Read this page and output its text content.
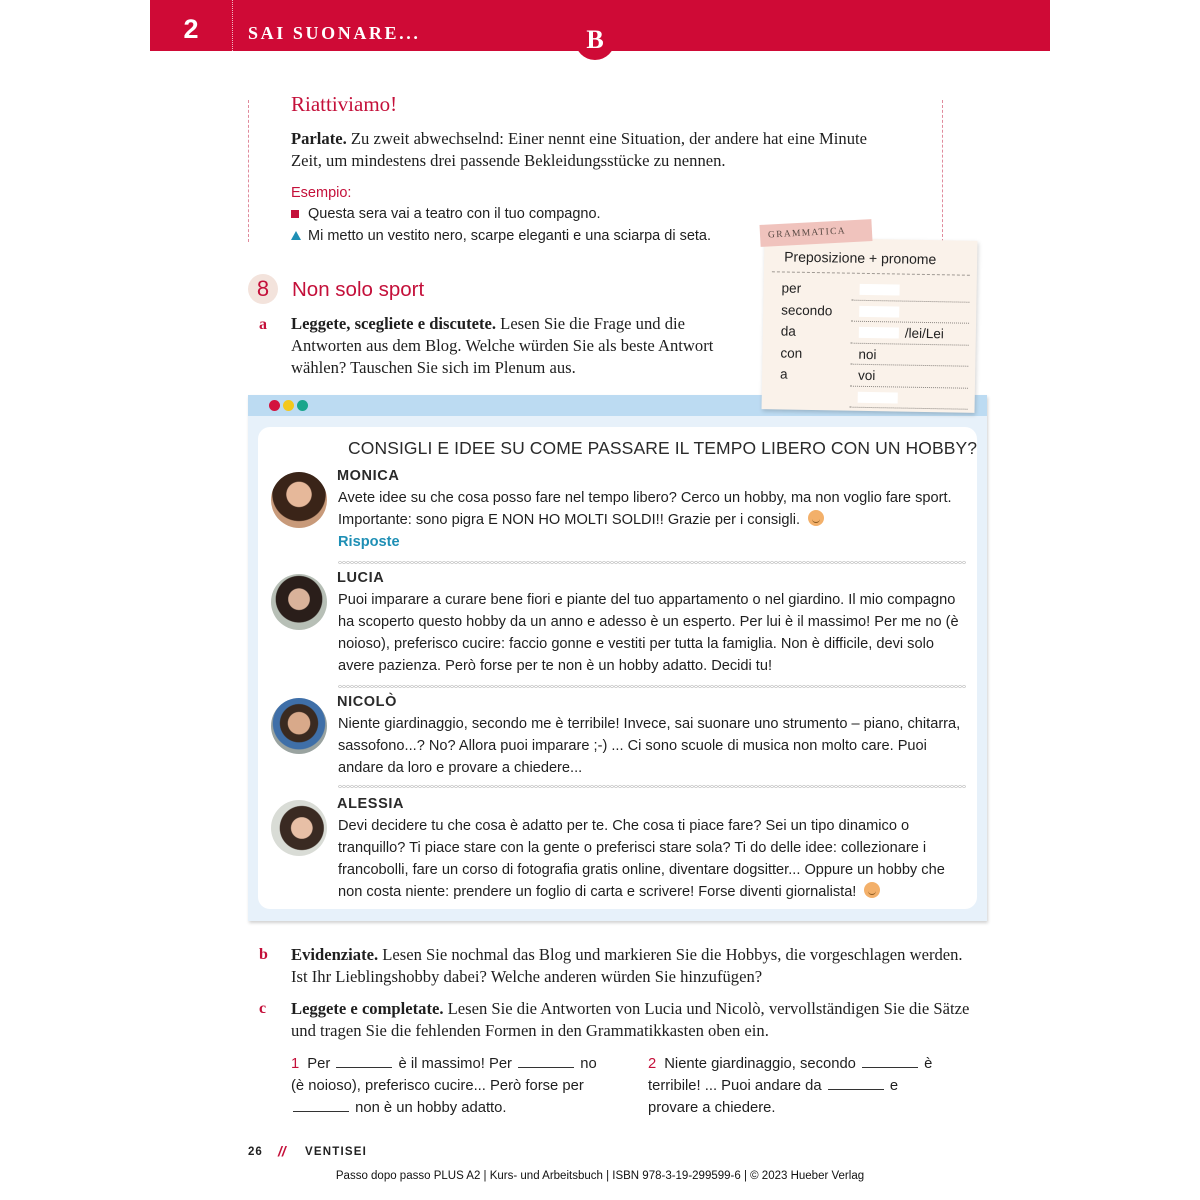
2	SAI SUONARE...	B
Riattiviamo!
Parlate. Zu zweit abwechselnd: Einer nennt eine Situation, der andere hat eine Minute Zeit, um mindestens drei passende Bekleidungsstücke zu nennen.
Esempio:
Questa sera vai a teatro con il tuo compagno.
Mi metto un vestito nero, scarpe eleganti e una sciarpa di seta.
8	Non solo sport
a Leggete, scegliete e discutete. Lesen Sie die Frage und die Antworten aus dem Blog. Welche würden Sie als beste Antwort wählen? Tauschen Sie sich im Plenum aus.
GRAMMATICA
Preposizione + pronome
per
secondo
da	/lei/Lei
con	noi
a	voi
CONSIGLI E IDEE SU COME PASSARE IL TEMPO LIBERO CON UN HOBBY?
MONICA
Avete idee su che cosa posso fare nel tempo libero? Cerco un hobby, ma non voglio fare sport. Importante: sono pigra E NON HO MOLTI SOLDI!! Grazie per i consigli.
Risposte
LUCIA
Puoi imparare a curare bene fiori e piante del tuo appartamento o nel giardino. Il mio compagno ha scoperto questo hobby da un anno e adesso è un esperto. Per lui è il massimo! Per me no (è noioso), preferisco cucire: faccio gonne e vestiti per tutta la famiglia. Non è difficile, devi solo avere pazienza. Però forse per te non è un hobby adatto. Decidi tu!
NICOLÒ
Niente giardinaggio, secondo me è terribile! Invece, sai suonare uno strumento – piano, chitarra, sassofono...? No? Allora puoi imparare ;-) ... Ci sono scuole di musica non molto care. Puoi andare da loro e provare a chiedere...
ALESSIA
Devi decidere tu che cosa è adatto per te. Che cosa ti piace fare? Sei un tipo dinamico o tranquillo? Ti piace stare con la gente o preferisci stare sola? Ti do delle idee: collezionare i francobolli, fare un corso di fotografia gratis online, diventare dogsitter... Oppure un hobby che non costa niente: prendere un foglio di carta e scrivere! Forse diventi giornalista!
b Evidenziate. Lesen Sie nochmal das Blog und markieren Sie die Hobbys, die vorgeschlagen werden. Ist Ihr Lieblingshobby dabei? Welche anderen würden Sie hinzufügen?
c Leggete e completate. Lesen Sie die Antworten von Lucia und Nicolò, vervollständigen Sie die Sätze und tragen Sie die fehlenden Formen in den Grammatikkasten oben ein.
1 Per	è il massimo! Per	no (è noioso), preferisco cucire... Però forse per  non è un hobby adatto.
2 Niente giardinaggio, secondo	è terribile! ... Puoi andare da	e provare a chiedere.
26 // VENTISEI
Passo dopo passo PLUS A2 | Kurs- und Arbeitsbuch | ISBN 978-3-19-299599-6 | © 2023 Hueber Verlag
